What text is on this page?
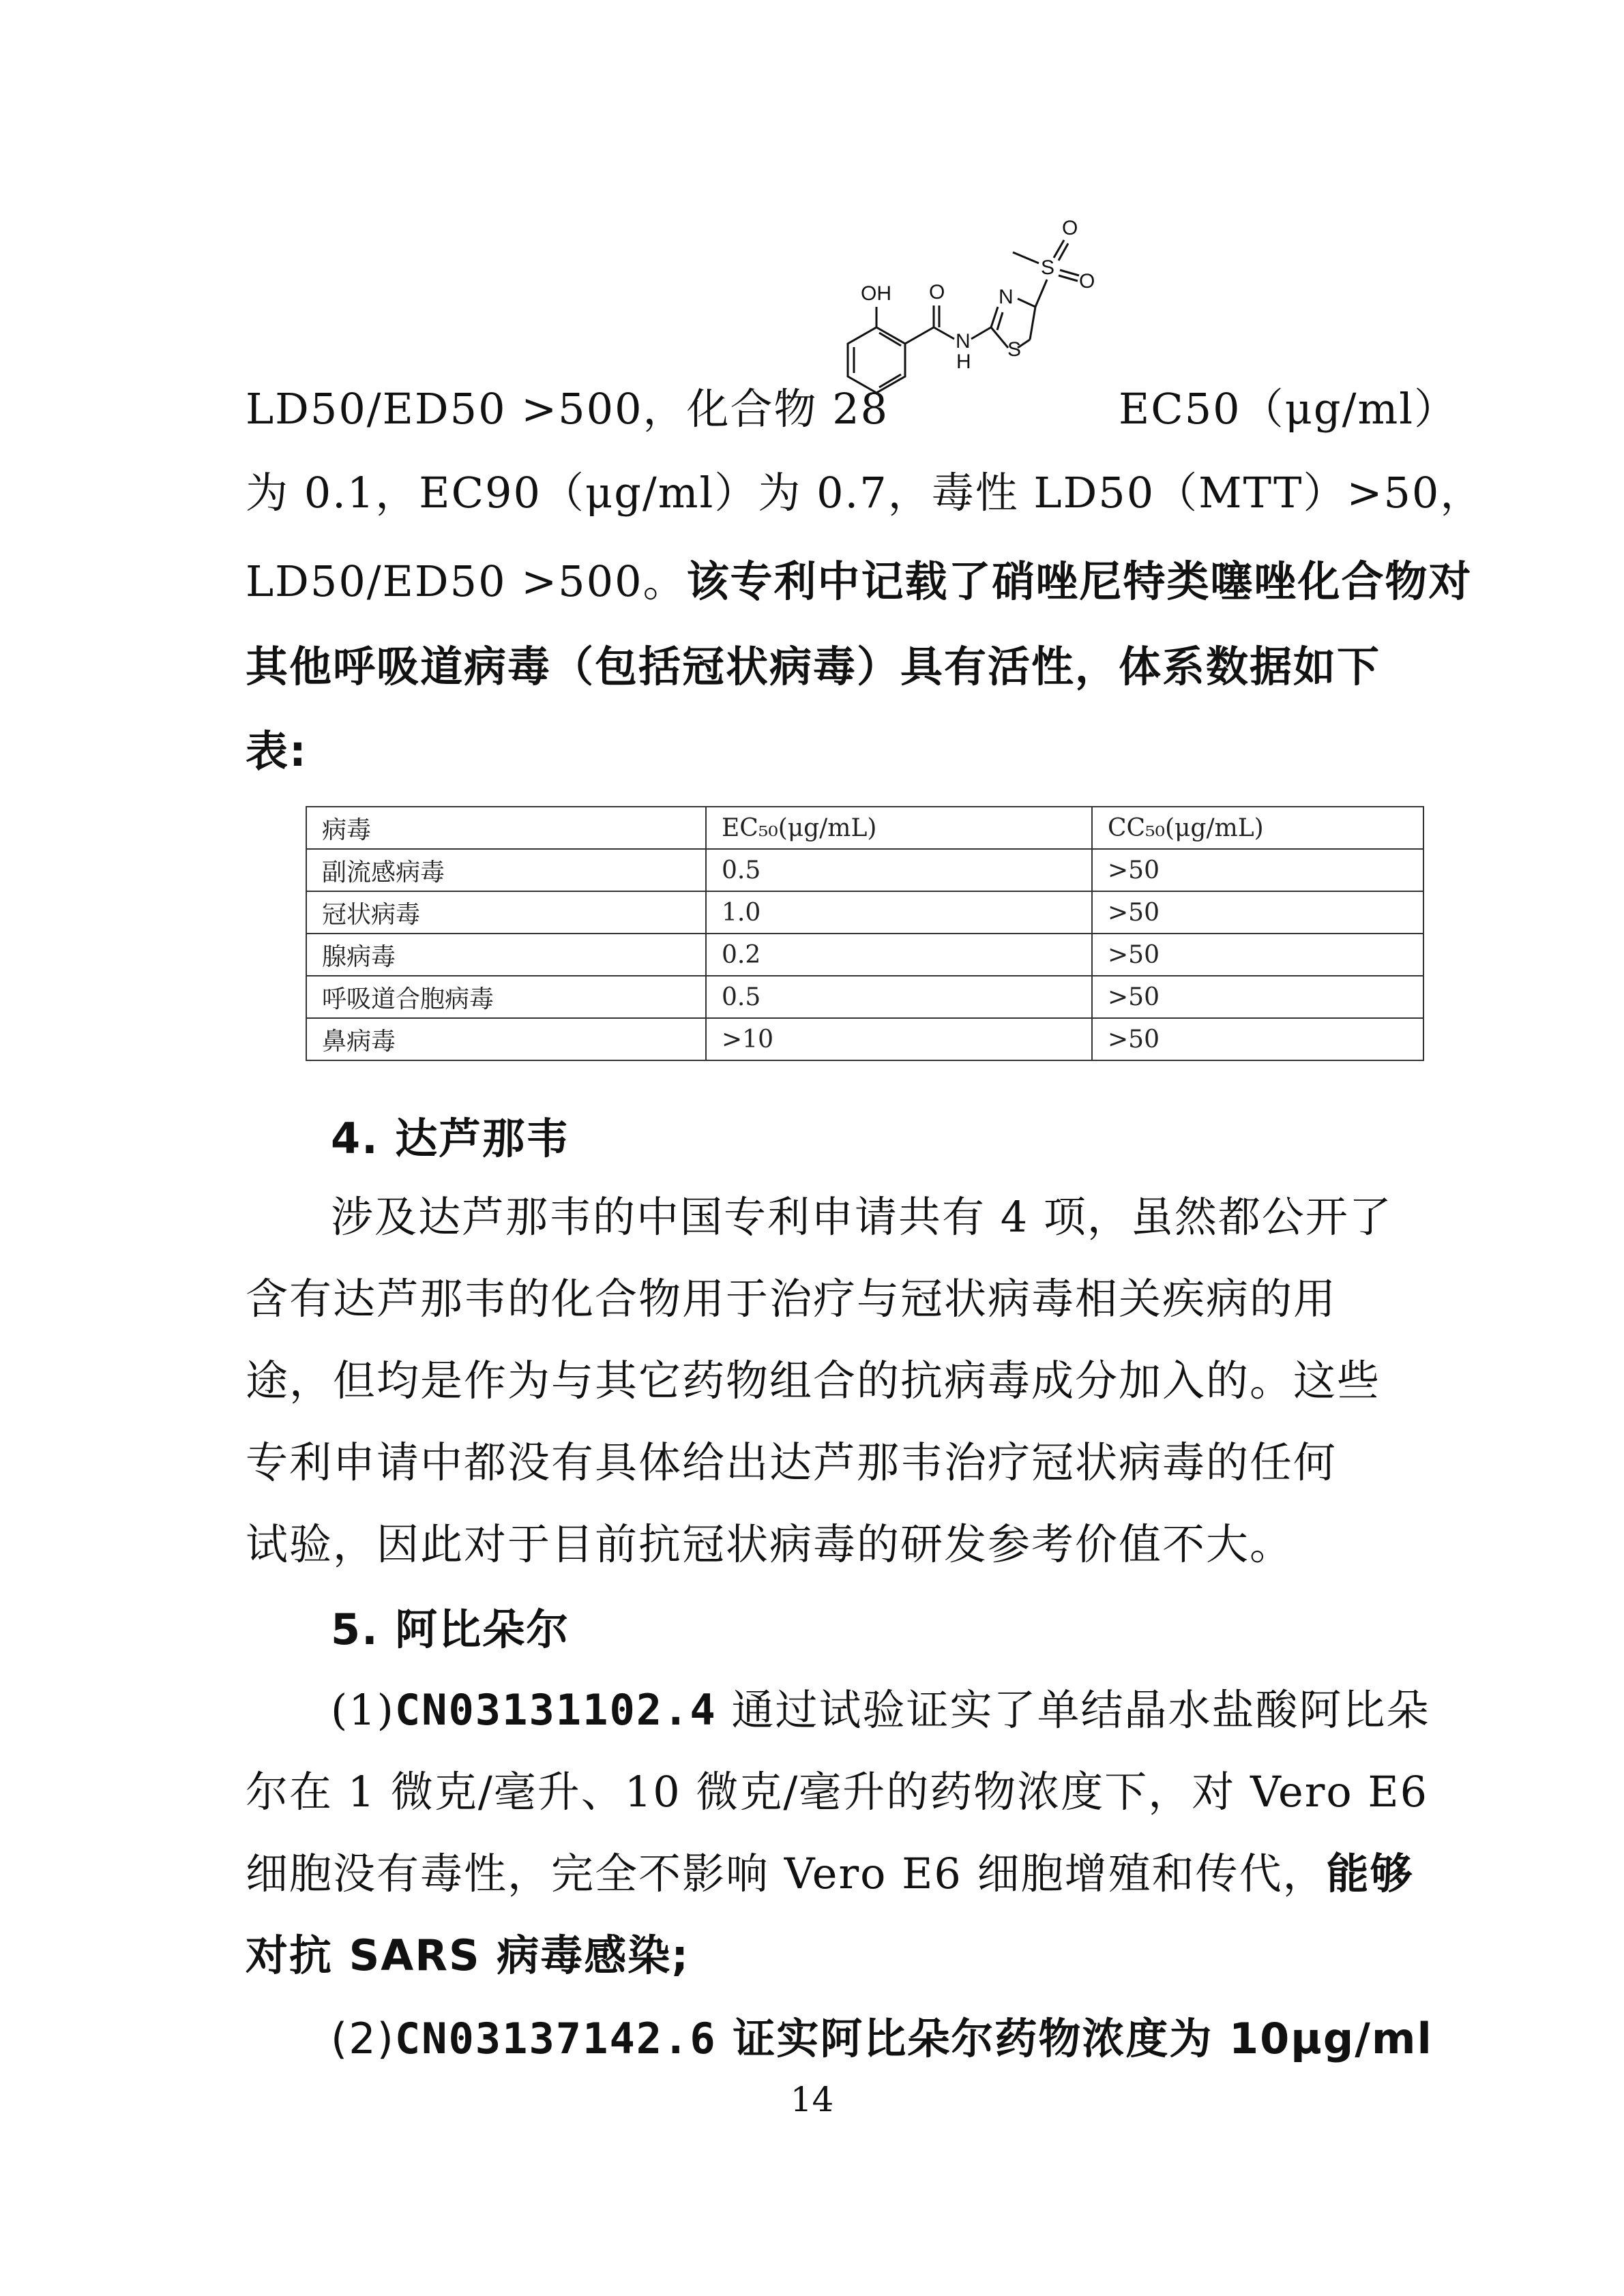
OH O
N
H
N
S
S
O
O
LD50/ED50 >500，化合物 28	EC50（μg/ml）
为 0.1，EC90（μg/ml）为 0.7，毒性 LD50（MTT）>50，
LD50/ED50 >500。该专利中记载了硝唑尼特类噻唑化合物对
其他呼吸道病毒（包括冠状病毒）具有活性，体系数据如下
表:
病毒	EC₅₀(μg/mL)	CC₅₀(μg/mL)
副流感病毒	0.5	>50
冠状病毒	1.0	>50
腺病毒	0.2	>50
呼吸道合胞病毒	0.5	>50
鼻病毒	>10	>50
4. 达芦那韦
涉及达芦那韦的中国专利申请共有 4 项，虽然都公开了
含有达芦那韦的化合物用于治疗与冠状病毒相关疾病的用
途，但均是作为与其它药物组合的抗病毒成分加入的。这些
专利申请中都没有具体给出达芦那韦治疗冠状病毒的任何
试验，因此对于目前抗冠状病毒的研发参考价值不大。
5. 阿比朵尔
(1)CN03131102.4 通过试验证实了单结晶水盐酸阿比朵
尔在 1 微克/毫升、10 微克/毫升的药物浓度下，对 Vero E6
细胞没有毒性，完全不影响 Vero E6 细胞增殖和传代，能够
对抗 SARS 病毒感染;
(2)CN03137142.6 证实阿比朵尔药物浓度为 10μg/ml
14
